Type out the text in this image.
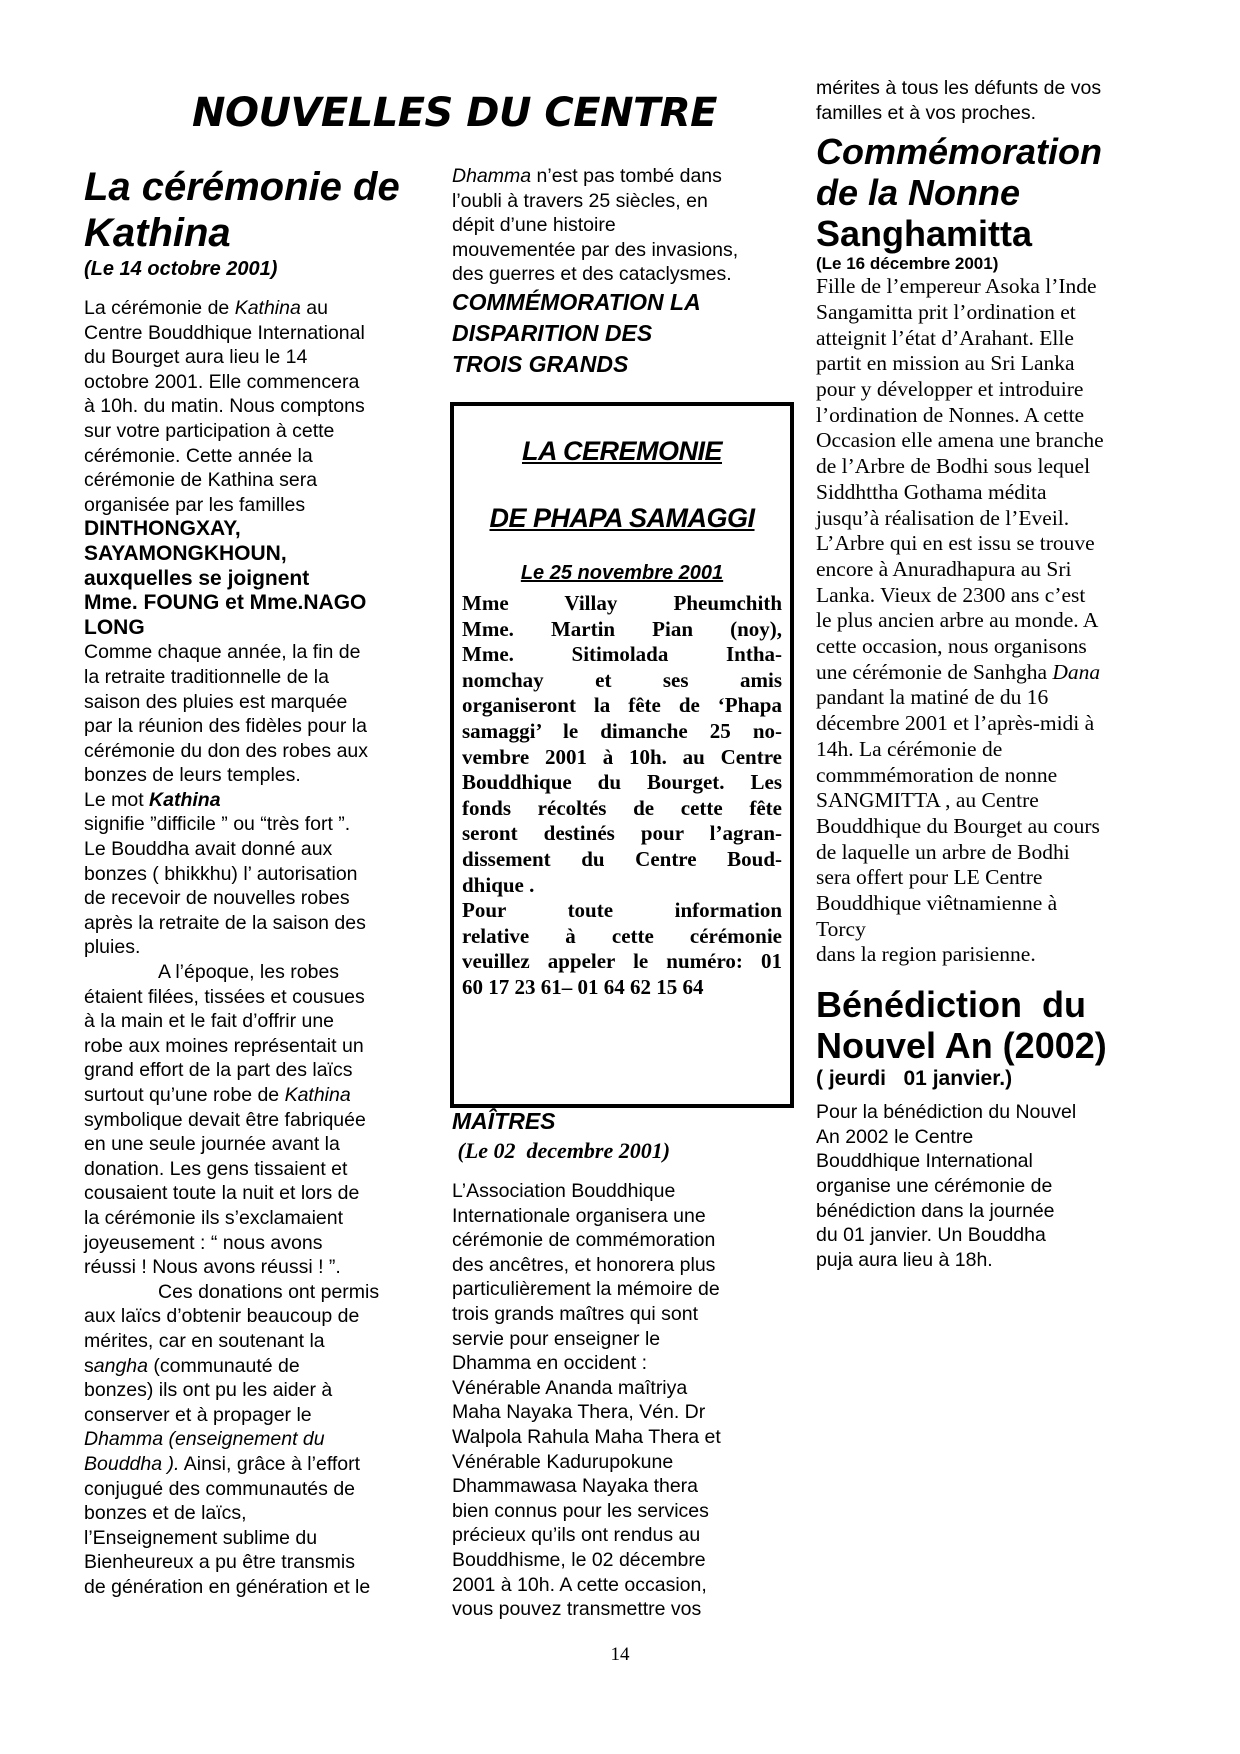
NOUVELLES DU CENTRE
La cérémonie de
Kathina
(Le 14 octobre 2001)
La cérémonie de Kathina au
Centre Bouddhique International
du Bourget aura lieu le 14
octobre 2001. Elle commencera
à 10h. du matin. Nous comptons
sur votre participation à cette
cérémonie. Cette année la
cérémonie de Kathina sera
organisée par les familles
DINTHONGXAY,
SAYAMONGKHOUN,
auxquelles se joignent
Mme. FOUNG et Mme.NAGO
LONG
Comme chaque année, la fin de
la retraite traditionnelle de la
saison des pluies est marquée
par la réunion des fidèles pour la
cérémonie du don des robes aux
bonzes de leurs temples.
Le mot Kathina
signifie ”difficile ” ou “très fort ”.
Le Bouddha avait donné aux
bonzes ( bhikkhu) l’ autorisation
de recevoir de nouvelles robes
après la retraite de la saison des
pluies.
A l’époque, les robes
étaient filées, tissées et cousues
à la main et le fait d’offrir une
robe aux moines représentait un
grand effort de la part des laïcs
surtout qu’une robe de Kathina
symbolique devait être fabriquée
en une seule journée avant la
donation. Les gens tissaient et
cousaient toute la nuit et lors de
la cérémonie ils s’exclamaient
joyeusement : “ nous avons
réussi ! Nous avons réussi ! ”.
Ces donations ont permis
aux laïcs d’obtenir beaucoup de
mérites, car en soutenant la
sangha (communauté de
bonzes) ils ont pu les aider à
conserver et à propager le
Dhamma (enseignement du
Bouddha ). Ainsi, grâce à l’effort
conjugué des communautés de
bonzes et de laïcs,
l’Enseignement sublime du
Bienheureux a pu être transmis
de génération en génération et le
Dhamma n’est pas tombé dans
l’oubli à travers 25 siècles, en
dépit d’une histoire
mouvementée par des invasions,
des guerres et des cataclysmes.
COMMÉMORATION LA
DISPARITION DES
TROIS GRANDS
LA CEREMONIE
DE PHAPA SAMAGGI
Le 25 novembre 2001
Mme Villay Pheumchith
Mme. Martin Pian (noy),
Mme. Sitimolada Intha-
nomchay et ses amis
organiseront la fête de ‘Phapa
samaggi’ le dimanche 25 no-
vembre 2001 à 10h. au Centre
Bouddhique du Bourget. Les
fonds récoltés de cette fête
seront destinés pour l’agran-
dissement du Centre Boud-
dhique .
Pour toute information
relative à cette cérémonie
veuillez appeler le numéro: 01
60 17 23 61– 01 64 62 15 64
MAÎTRES
(Le 02  decembre 2001)
L’Association Bouddhique
Internationale organisera une
cérémonie de commémoration
des ancêtres, et honorera plus
particulièrement la mémoire de
trois grands maîtres qui sont
servie pour enseigner le
Dhamma en occident :
Vénérable Ananda maîtriya
Maha Nayaka Thera, Vén. Dr
Walpola Rahula Maha Thera et
Vénérable Kadurupokune
Dhammawasa Nayaka thera
bien connus pour les services
précieux qu’ils ont rendus au
Bouddhisme, le 02 décembre
2001 à 10h. A cette occasion,
vous pouvez transmettre vos
mérites à tous les défunts de vos
familles et à vos proches.
Commémoration
de la Nonne
Sanghamitta
(Le 16 décembre 2001)
Fille de l’empereur Asoka l’Inde
Sangamitta prit l’ordination et
atteignit l’état d’Arahant. Elle
partit en mission au Sri Lanka
pour y développer et introduire
l’ordination de Nonnes. A cette
Occasion elle amena une branche
de l’Arbre de Bodhi sous lequel
Siddhttha Gothama médita
jusqu’à réalisation de l’Eveil.
L’Arbre qui en est issu se trouve
encore à Anuradhapura au Sri
Lanka. Vieux de 2300 ans c’est
le plus ancien arbre au monde. A
cette occasion, nous organisons
une cérémonie de Sanhgha Dana
pandant la matiné de du 16
décembre 2001 et l’après-midi à
14h. La cérémonie de
commmémoration de nonne
SANGMITTA , au Centre
Bouddhique du Bourget au cours
de laquelle un arbre de Bodhi
sera offert pour LE Centre
Bouddhique viêtnamienne à
Torcy
dans la region parisienne.
Bénédiction  du
Nouvel An (2002)
( jeurdi   01 janvier.)
Pour la bénédiction du Nouvel
An 2002 le Centre
Bouddhique International
organise une cérémonie de
bénédiction dans la journée
du 01 janvier. Un Bouddha
puja aura lieu à 18h.
14
